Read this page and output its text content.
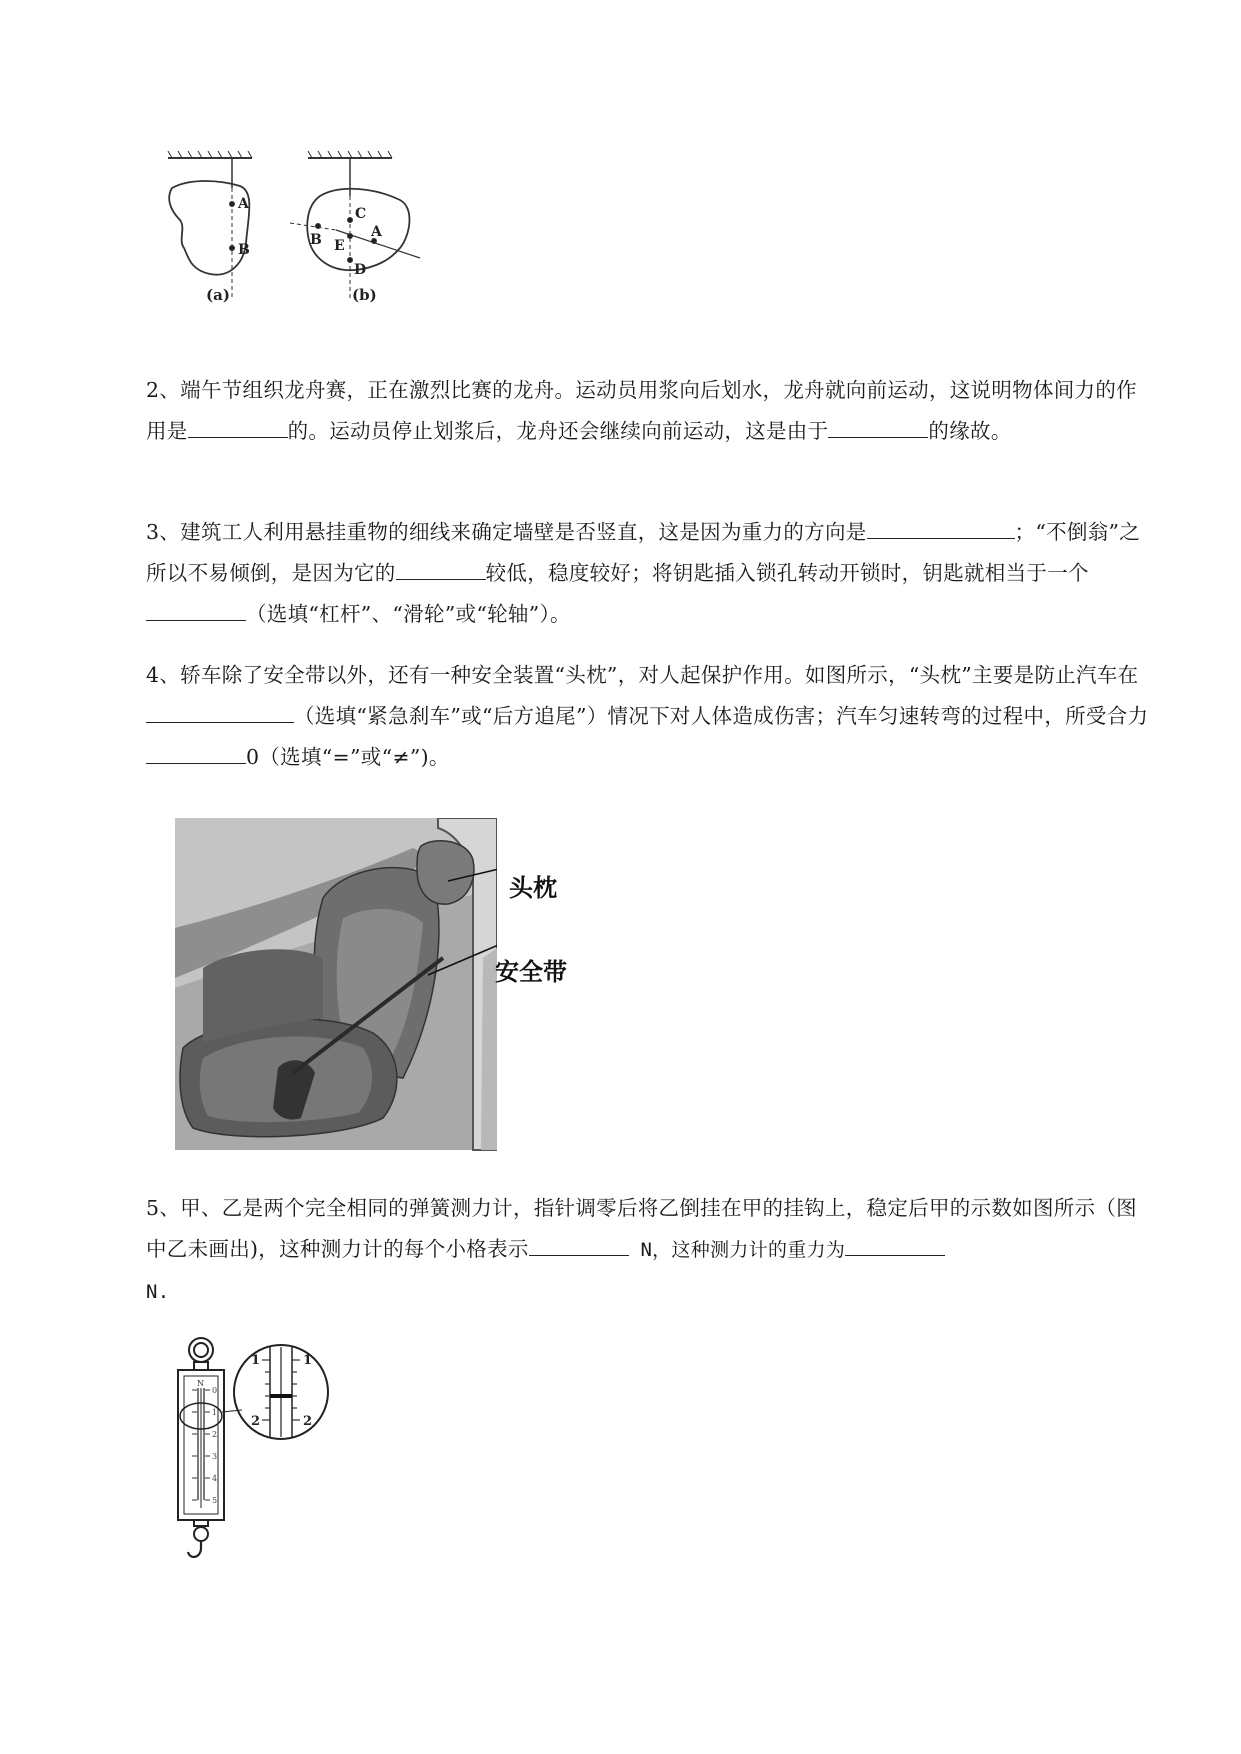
A
B
(a)
C
B E
A
D
(b)
2、端午节组织龙舟赛，正在激烈比赛的龙舟。运动员用浆向后划水，龙舟就向前运动，这说明物体间力的作用是	的。运动员停止划浆后，龙舟还会继续向前运动，这是由于	的缘故。
3、建筑工人利用悬挂重物的细线来确定墙壁是否竖直，这是因为重力的方向是	；“不倒翁”之所以不易倾倒，是因为它的	较低，稳度较好；将钥匙插入锁孔转动开锁时，钥匙就相当于一个（选填“杠杆”、“滑轮”或“轮轴”）。
4、轿车除了安全带以外，还有一种安全装置“头枕”，对人起保护作用。如图所示，“头枕”主要是防止汽车在（选填“紧急刹车”或“后方追尾”）情况下对人体造成伤害；汽车匀速转弯的过程中，所受合力0（选填“=”或“≠”)。
头枕
安全带
5、甲、乙是两个完全相同的弹簧测力计，指针调零后将乙倒挂在甲的挂钩上，稳定后甲的示数如图所示（图中乙未画出)，这种测力计的每个小格表示	N，这种测力计的重力为
N.
N
0
1
2
3
4
5
1	1
2	2
